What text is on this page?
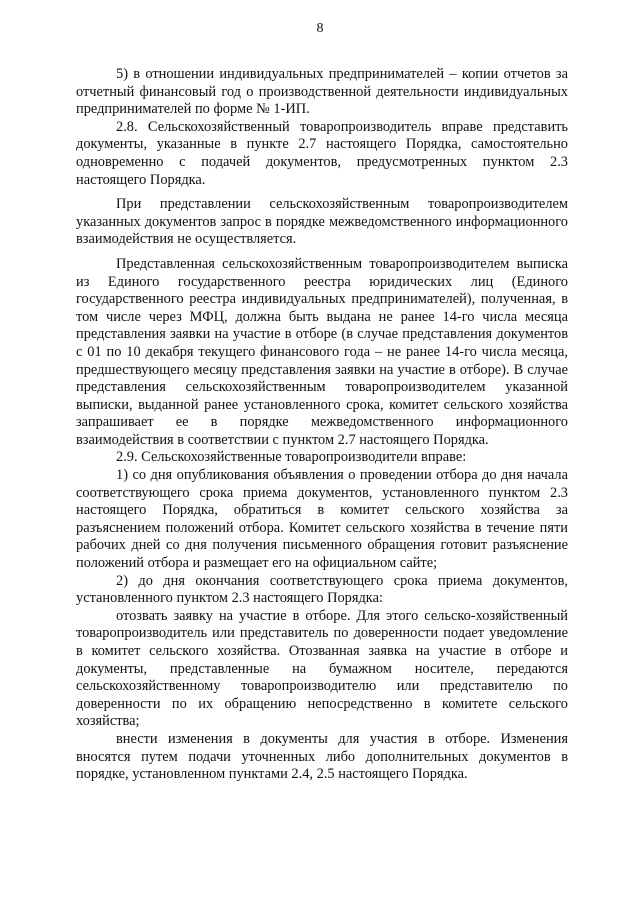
8

5) в отношении индивидуальных предпринимателей – копии отчетов за отчетный финансовый год о производственной деятельности индивидуальных предпринимателей по форме № 1-ИП.

2.8. Сельскохозяйственный товаропроизводитель вправе представить документы, указанные в пункте 2.7 настоящего Порядка, самостоятельно одновременно с подачей документов, предусмотренных пунктом 2.3 настоящего Порядка.

При представлении сельскохозяйственным товаропроизводителем указанных документов запрос в порядке межведомственного информационного взаимодействия не осуществляется.

Представленная сельскохозяйственным товаропроизводителем выписка из Единого государственного реестра юридических лиц (Единого государственного реестра индивидуальных предпринимателей), полученная, в том числе через МФЦ, должна быть выдана не ранее 14-го числа месяца представления заявки на участие в отборе (в случае представления документов с 01 по 10 декабря текущего финансового года – не ранее 14-го числа месяца, предшествующего месяцу представления заявки на участие в отборе). В случае представления сельскохозяйственным товаропроизводителем указанной выписки, выданной ранее установленного срока, комитет сельского хозяйства запрашивает ее в порядке межведомственного информационного взаимодействия в соответствии с пунктом 2.7 настоящего Порядка.

2.9. Сельскохозяйственные товаропроизводители вправе:

1) со дня опубликования объявления о проведении отбора до дня начала соответствующего срока приема документов, установленного пунктом 2.3 настоящего Порядка, обратиться в комитет сельского хозяйства за разъяснением положений отбора. Комитет сельского хозяйства в течение пяти рабочих дней со дня получения письменного обращения готовит разъяснение положений отбора и размещает его на официальном сайте;

2) до дня окончания соответствующего срока приема документов, установленного пунктом 2.3 настоящего Порядка:

отозвать заявку на участие в отборе. Для этого сельско-хозяйственный товаропроизводитель или представитель по доверенности подает уведомление в комитет сельского хозяйства. Отозванная заявка на участие в отборе и документы, представленные на бумажном носителе, передаются сельскохозяйственному товаропроизводителю или представителю по доверенности по их обращению непосредственно в комитете сельского хозяйства;

внести изменения в документы для участия в отборе. Изменения вносятся путем подачи уточненных либо дополнительных документов в порядке, установленном пунктами 2.4, 2.5 настоящего Порядка.
